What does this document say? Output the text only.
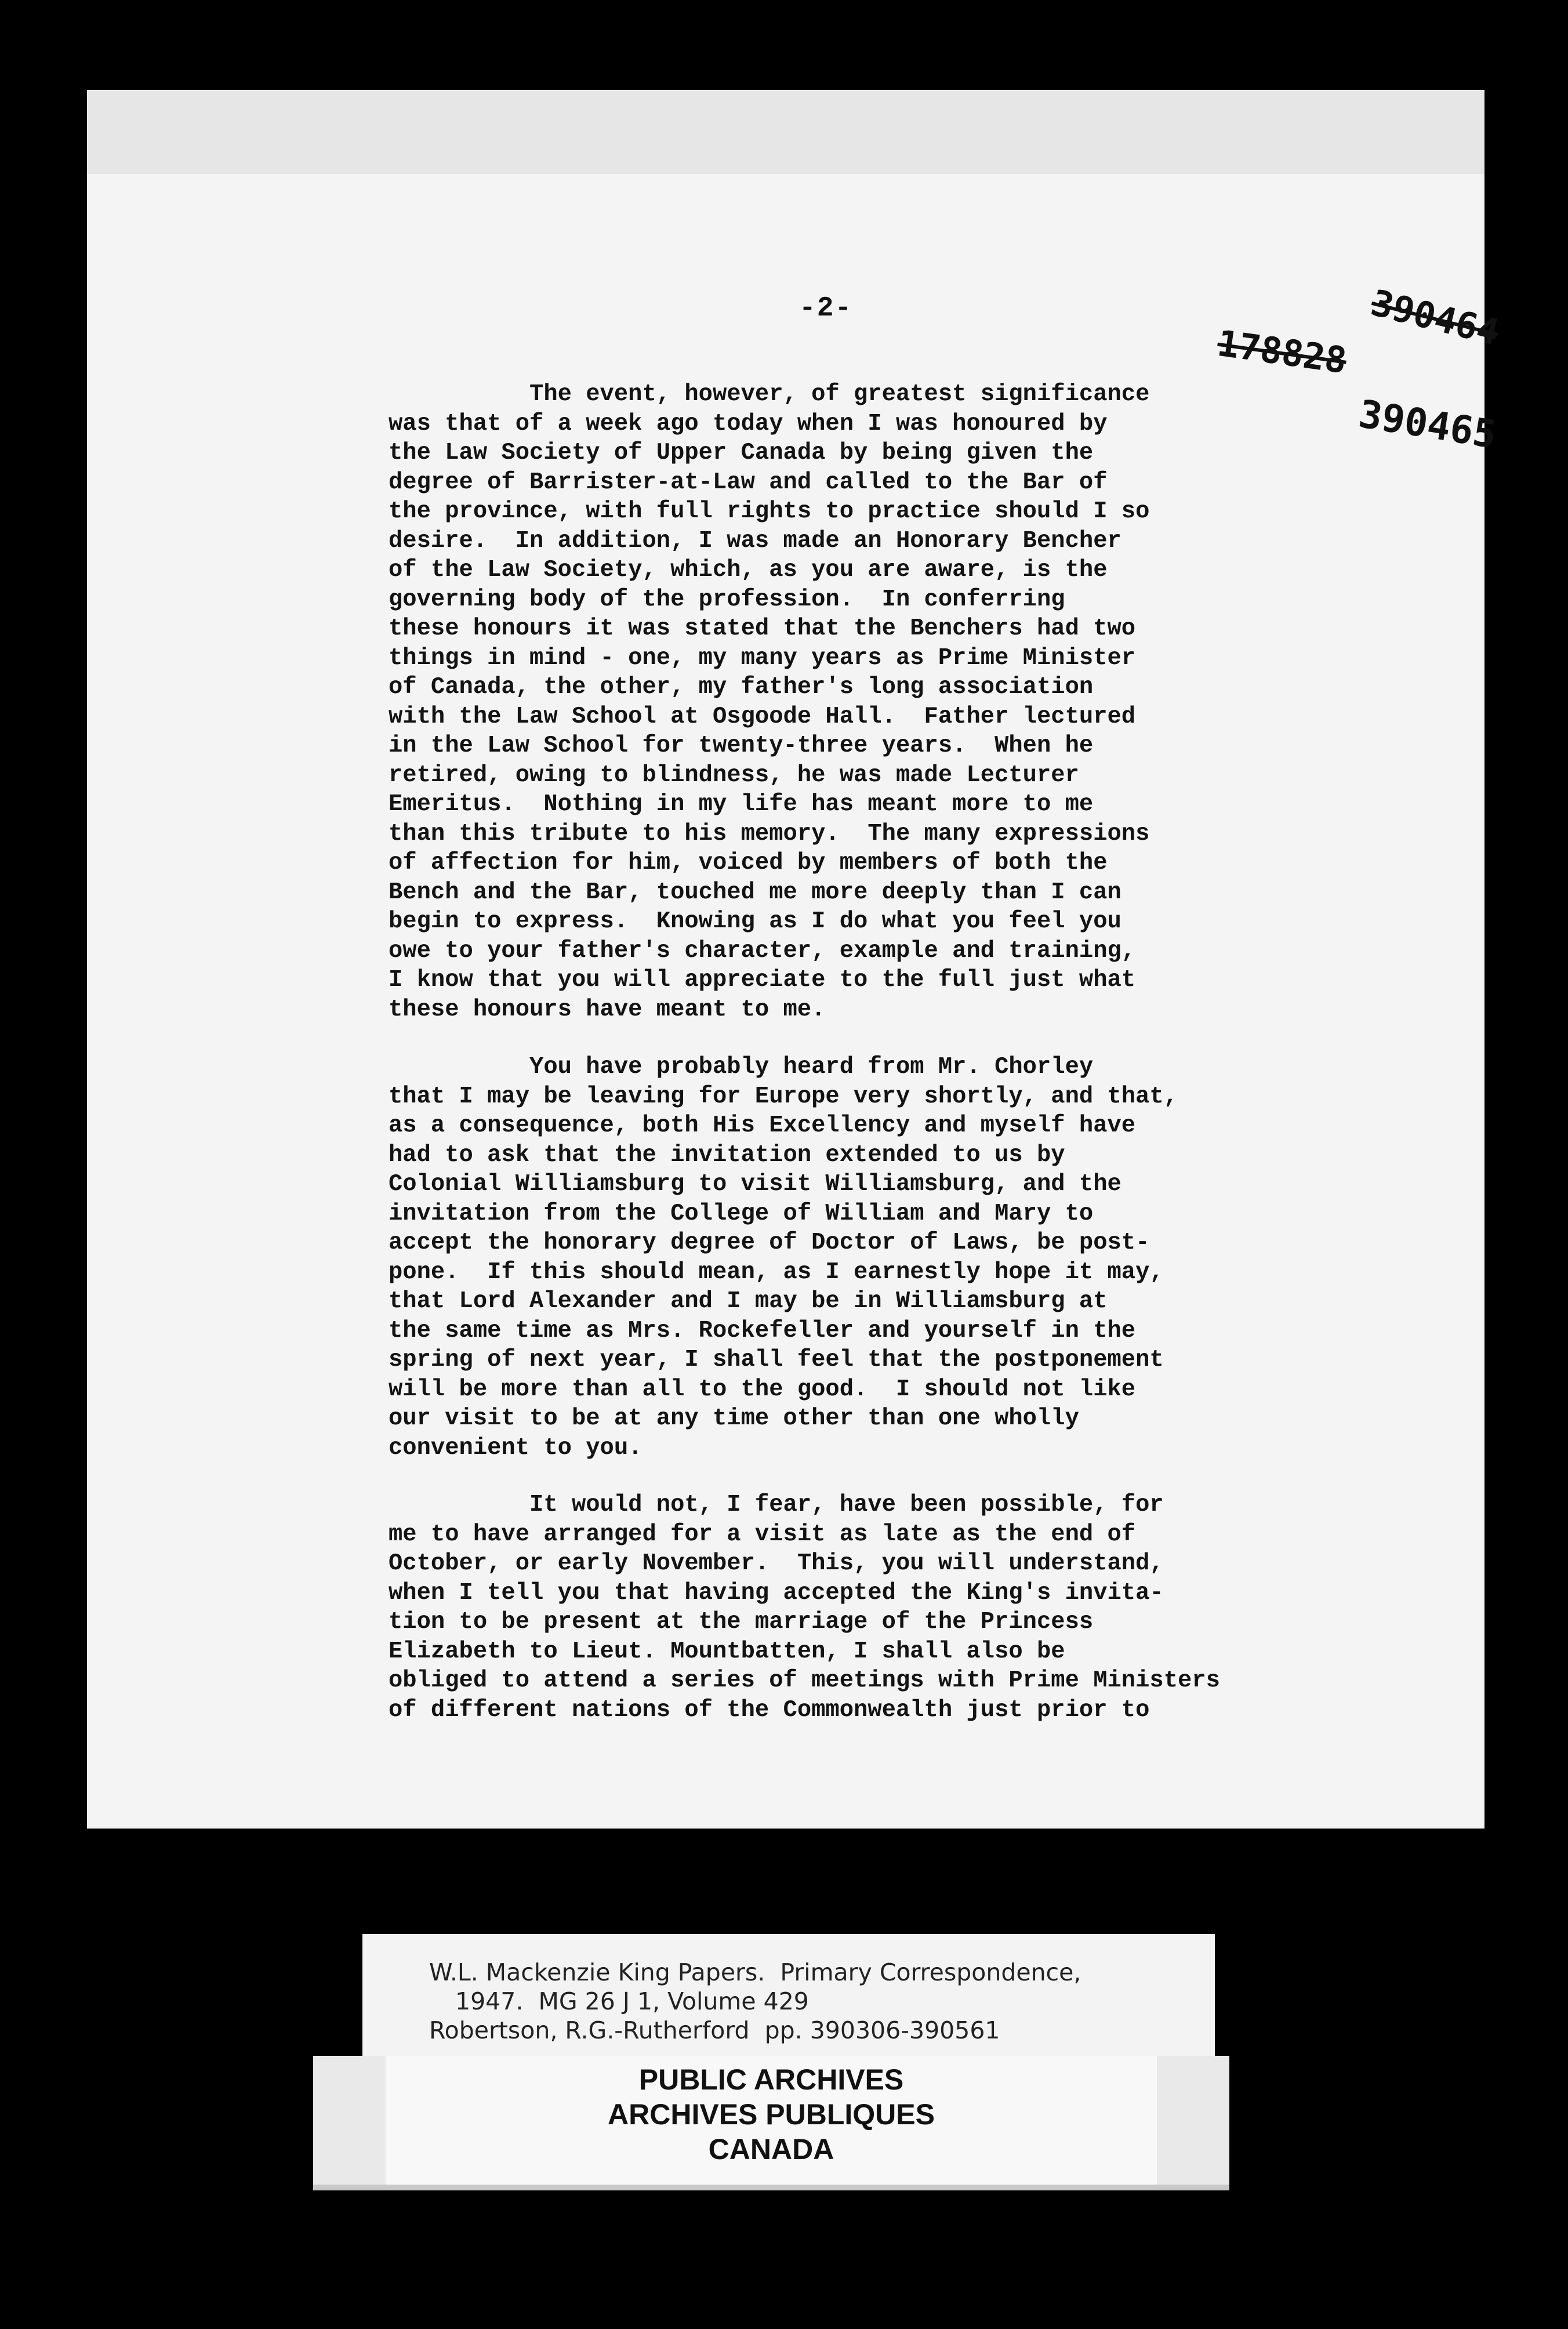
-2-	390464
178828
390465
The event, however, of greatest significance
was that of a week ago today when I was honoured by
the Law Society of Upper Canada by being given the
degree of Barrister-at-Law and called to the Bar of
the province, with full rights to practice should I so
desire.  In addition, I was made an Honorary Bencher
of the Law Society, which, as you are aware, is the
governing body of the profession.  In conferring
these honours it was stated that the Benchers had two
things in mind - one, my many years as Prime Minister
of Canada, the other, my father's long association
with the Law School at Osgoode Hall.  Father lectured
in the Law School for twenty-three years.  When he
retired, owing to blindness, he was made Lecturer
Emeritus.  Nothing in my life has meant more to me
than this tribute to his memory.  The many expressions
of affection for him, voiced by members of both the
Bench and the Bar, touched me more deeply than I can
begin to express.  Knowing as I do what you feel you
owe to your father's character, example and training,
I know that you will appreciate to the full just what
these honours have meant to me.
You have probably heard from Mr. Chorley
that I may be leaving for Europe very shortly, and that,
as a consequence, both His Excellency and myself have
had to ask that the invitation extended to us by
Colonial Williamsburg to visit Williamsburg, and the
invitation from the College of William and Mary to
accept the honorary degree of Doctor of Laws, be post-
pone.  If this should mean, as I earnestly hope it may,
that Lord Alexander and I may be in Williamsburg at
the same time as Mrs. Rockefeller and yourself in the
spring of next year, I shall feel that the postponement
will be more than all to the good.  I should not like
our visit to be at any time other than one wholly
convenient to you.
It would not, I fear, have been possible, for
me to have arranged for a visit as late as the end of
October, or early November.  This, you will understand,
when I tell you that having accepted the King's invita-
tion to be present at the marriage of the Princess
Elizabeth to Lieut. Mountbatten, I shall also be
obliged to attend a series of meetings with Prime Ministers
of different nations of the Commonwealth just prior to
W.L. Mackenzie King Papers.  Primary Correspondence,
1947.  MG 26 J 1, Volume 429
Robertson, R.G.-Rutherford  pp. 390306-390561
PUBLIC ARCHIVES
ARCHIVES PUBLIQUES
CANADA
